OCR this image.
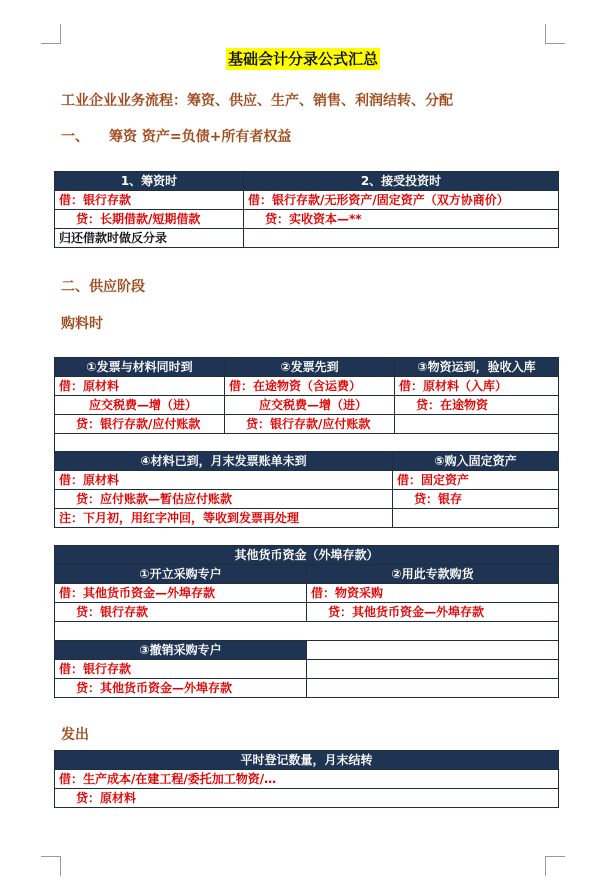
基础会计分录公式汇总
工业企业业务流程：筹资、供应、生产、销售、利润结转、分配
一、 筹资 资产=负债+所有者权益
1、筹资时	2、接受投资时
借：银行存款	借：银行存款/无形资产/固定资产（双方协商价）
贷：长期借款/短期借款	贷：实收资本—**
归还借款时做反分录	
二、供应阶段
购料时
①发票与材料同时到	②发票先到	③物资运到，验收入库
借：原材料	借：在途物资（含运费）	借：原材料（入库）
应交税费—增（进）	应交税费—增（进）	贷：在途物资
贷：银行存款/应付账款	贷：银行存款/应付账款	

④材料已到，月末发票账单未到	⑤购入固定资产
借：原材料	借：固定资产
贷：应付账款—暂估应付账款	贷：银存
注：下月初，用红字冲回，等收到发票再处理	
其他货币资金（外埠存款）	
①开立采购专户	②用此专款购货
借：其他货币资金—外埠存款	借：物资采购
贷：银行存款	贷：其他货币资金—外埠存款

③撤销采购专户	
借：银行存款	
贷：其他货币资金—外埠存款	
发出
平时登记数量，月末结转
借：生产成本/在建工程/委托加工物资/…
贷：原材料
